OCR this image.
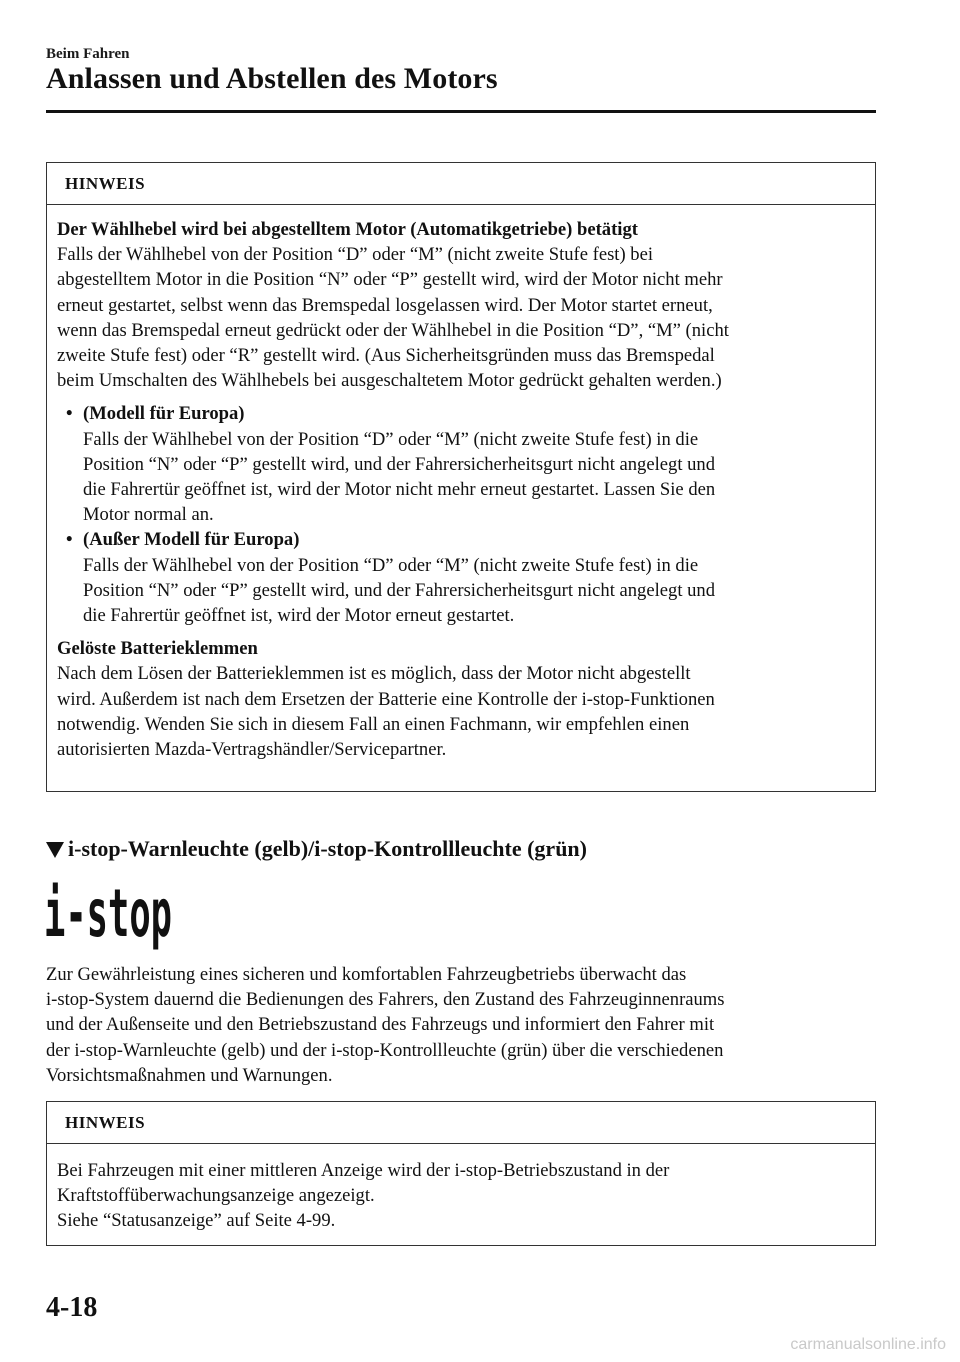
Beim Fahren
Anlassen und Abstellen des Motors
HINWEIS

Der Wählhebel wird bei abgestelltem Motor (Automatikgetriebe) betätigt

Falls der Wählhebel von der Position “D” oder “M” (nicht zweite Stufe fest) bei

abgestelltem Motor in die Position “N” oder “P” gestellt wird, wird der Motor nicht mehr

erneut gestartet, selbst wenn das Bremspedal losgelassen wird. Der Motor startet erneut,

wenn das Bremspedal erneut gedrückt oder der Wählhebel in die Position “D”, “M” (nicht

zweite Stufe fest) oder “R” gestellt wird. (Aus Sicherheitsgründen muss das Bremspedal

beim Umschalten des Wählhebels bei ausgeschaltetem Motor gedrückt gehalten werden.)

• (Modell für Europa)

Falls der Wählhebel von der Position “D” oder “M” (nicht zweite Stufe fest) in die

Position “N” oder “P” gestellt wird, und der Fahrersicherheitsgurt nicht angelegt und

die Fahrertür geöffnet ist, wird der Motor nicht mehr erneut gestartet. Lassen Sie den

Motor normal an.

• (Außer Modell für Europa)

Falls der Wählhebel von der Position “D” oder “M” (nicht zweite Stufe fest) in die

Position “N” oder “P” gestellt wird, und der Fahrersicherheitsgurt nicht angelegt und

die Fahrertür geöffnet ist, wird der Motor erneut gestartet.

Gelöste Batterieklemmen

Nach dem Lösen der Batterieklemmen ist es möglich, dass der Motor nicht abgestellt

wird. Außerdem ist nach dem Ersetzen der Batterie eine Kontrolle der i-stop-Funktionen

notwendig. Wenden Sie sich in diesem Fall an einen Fachmann, wir empfehlen einen

autorisierten Mazda-Vertragshändler/Servicepartner.

i-stop-Warnleuchte (gelb)/i-stop-Kontrollleuchte (grün)
i-stop
Zur Gewährleistung eines sicheren und komfortablen Fahrzeugbetriebs überwacht das
i-stop-System dauernd die Bedienungen des Fahrers, den Zustand des Fahrzeuginnenraums
und der Außenseite und den Betriebszustand des Fahrzeugs und informiert den Fahrer mit
der i-stop-Warnleuchte (gelb) und der i-stop-Kontrollleuchte (grün) über die verschiedenen
Vorsichtsmaßnahmen und Warnungen.
HINWEIS

Bei Fahrzeugen mit einer mittleren Anzeige wird der i-stop-Betriebszustand in der

Kraftstoffüberwachungsanzeige angezeigt.

Siehe “Statusanzeige” auf Seite 4-99.

4-18
carmanualsonline.info
